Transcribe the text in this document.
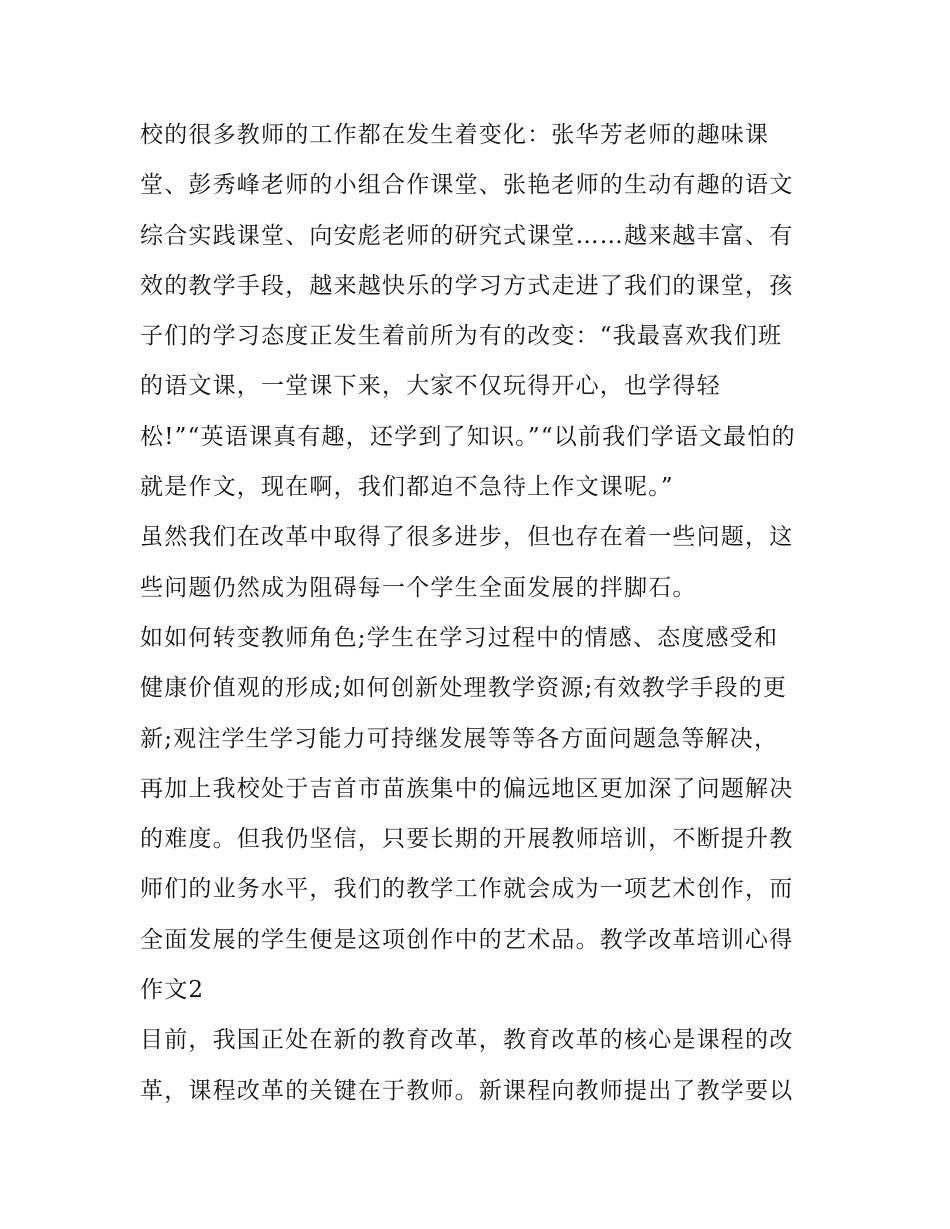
校的很多教师的工作都在发生着变化：张华芳老师的趣味课
堂、彭秀峰老师的小组合作课堂、张艳老师的生动有趣的语文
综合实践课堂、向安彪老师的研究式课堂……越来越丰富、有
效的教学手段，越来越快乐的学习方式走进了我们的课堂，孩
子们的学习态度正发生着前所为有的改变：“我最喜欢我们班
的语文课，一堂课下来，大家不仅玩得开心，也学得轻
松!”“英语课真有趣，还学到了知识。”“以前我们学语文最怕的
就是作文，现在啊，我们都迫不急待上作文课呢。”
虽然我们在改革中取得了很多进步，但也存在着一些问题，这
些问题仍然成为阻碍每一个学生全面发展的拌脚石。
如如何转变教师角色;学生在学习过程中的情感、态度感受和
健康价值观的形成;如何创新处理教学资源;有效教学手段的更
新;观注学生学习能力可持继发展等等各方面问题急等解决，
再加上我校处于吉首市苗族集中的偏远地区更加深了问题解决
的难度。但我仍坚信，只要长期的开展教师培训，不断提升教
师们的业务水平，我们的教学工作就会成为一项艺术创作，而
全面发展的学生便是这项创作中的艺术品。教学改革培训心得
作文2
目前，我国正处在新的教育改革，教育改革的核心是课程的改
革，课程改革的关键在于教师。新课程向教师提出了教学要以
